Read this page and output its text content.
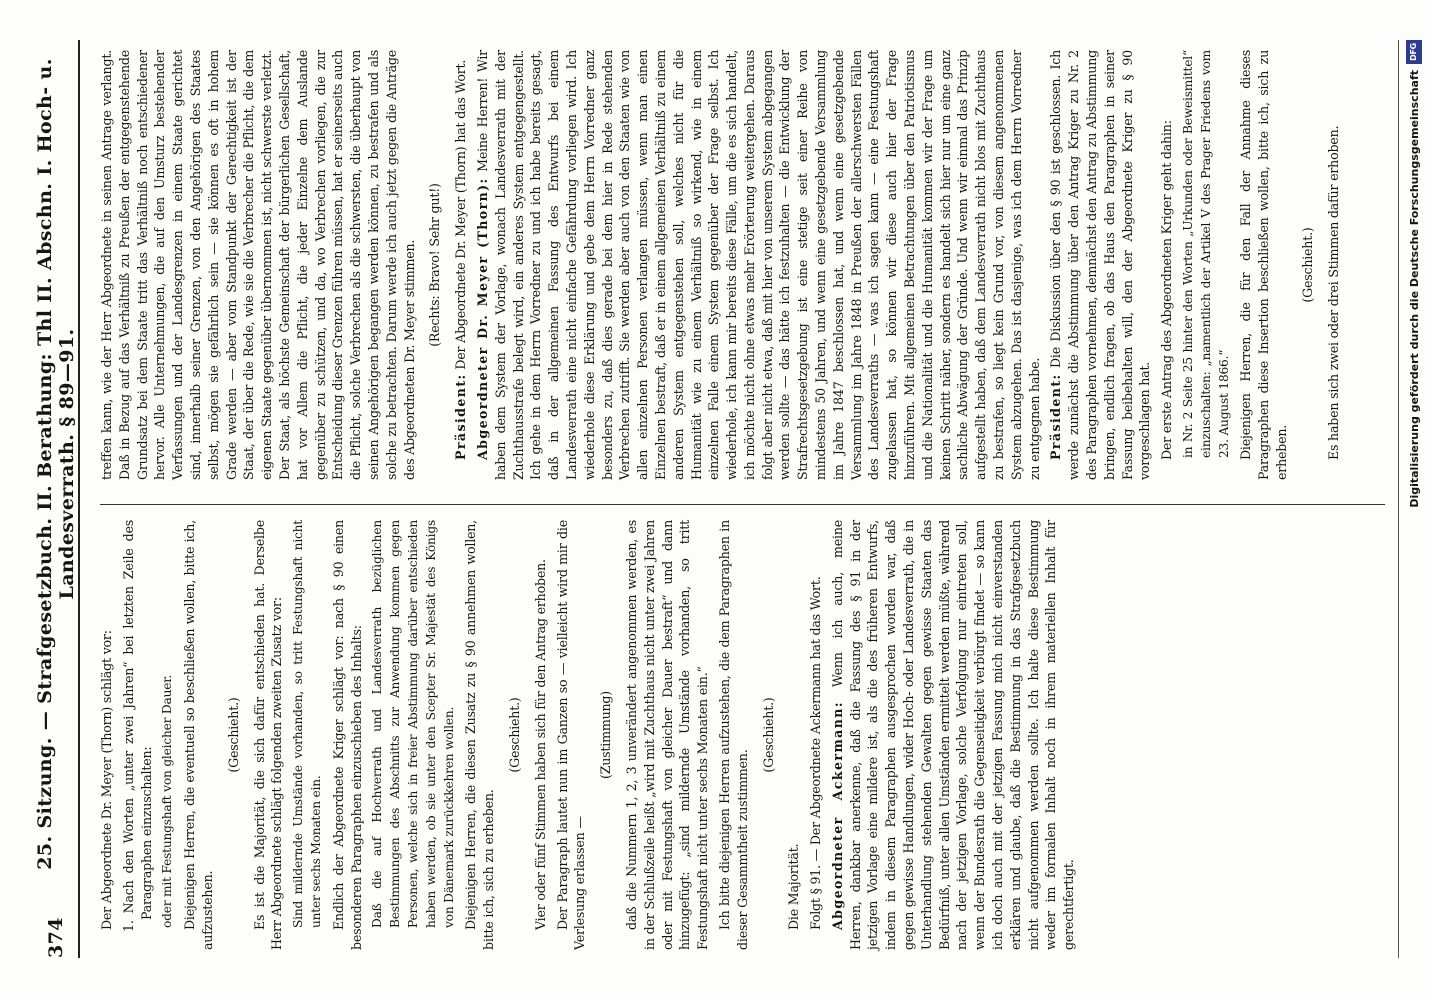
374
25. Sitzung. — Strafgesetzbuch. II. Berathung: Thl II. Abschn. I. Hoch- u. Landesverrath. § 89—91.

Der Abgeordnete Dr. Meyer (Thorn) schlägt vor: 1. Nach den Worten „unter zwei Jahren“ bei letzten Zeile des Paragraphen einzuschalten: oder mit Festungshaft von gleicher Dauer. Diejenigen Herren, die eventuell so beschließen wollen, bitte ich, aufzustehen.

(Geschieht.) Es ist die Majorität, die sich dafür entschieden hat. Derselbe Herr Abgeordnete schlägt folgenden zweiten Zusatz vor: Sind mildernde Umstände vorhanden, so tritt Festungshaft nicht unter sechs Monaten ein. Endlich der Abgeordnete Kriger schlägt vor: nach § 90 einen besonderen Paragraphen einzuschieben des Inhalts: Daß die auf Hochverrath und Landesverrath bezüglichen Bestimmungen des Abschnitts zur Anwendung kommen gegen Personen, welche sich in freier Abstimmung darüber entschieden haben werden, ob sie unter den Scepter Sr. Majestät des Königs von Dänemark zurückkehren wollen. Diejenigen Herren, die diesen Zusatz zu § 90 annehmen wollen, bitte ich, sich zu erheben.

(Geschieht.) Vier oder fünf Stimmen haben sich für den Antrag erhoben. Der Paragraph lautet nun im Ganzen so — vielleicht wird mir die Verlesung erlassen —

(Zustimmung) daß die Nummern 1, 2, 3 unverändert angenommen werden, es in der Schlußzeile heißt „wird mit Zuchthaus nicht unter zwei Jahren oder mit Festungshaft von gleicher Dauer bestraft“ und dann hinzugefügt: „sind mildernde Umstände vorhanden, so tritt Festungshaft nicht unter sechs Monaten ein.“ Ich bitte diejenigen Herren aufzustehen, die dem Paragraphen in dieser Gesammtheit zustimmen.

(Geschieht.)

Die Majorität. Folgt § 91. — Der Abgeordnete Ackermann hat das Wort. Abgeordneter Ackermann: Wenn ich auch, meine Herren, dankbar anerkenne, daß die Fassung des § 91 in der jetzigen Vorlage eine mildere ist, als die des früheren Entwurfs, indem in diesem Paragraphen ausgesprochen worden war, daß gegen gewisse Handlungen, wider Hoch- oder Landesverrath, die in Unterhandlung stehenden Gewalten gegen gewisse Staaten das Bedürfniß, unter allen Umständen ermittelt werden müßte, während nach der jetzigen Vorlage, solche Verfolgung nur eintreten soll, wenn der Bundesrath die Gegenseitigkeit verbürgt findet — so kann ich doch auch mit der jetzigen Fassung mich nicht einverstanden erklären und glaube, daß die Bestimmung in das Strafgesetzbuch nicht aufgenommen werden sollte. Ich halte diese Bestimmung weder im formalen Inhalt noch in ihrem materiellen Inhalt für gerechtfertigt.

treffen kann, wie der Herr Abgeordnete in seinen Antrage verlangt. Daß in Bezug auf das Verhältniß zu Preußen der entgegenstehende Grundsatz bei dem Staate tritt das Verhältniß noch entschiedener hervor. Alle Unternehmungen, die auf den Umsturz bestehender Verfassungen und der Landesgrenzen in einem Staate gerichtet sind, innerhalb seiner Grenzen, von den Angehörigen des Staates selbst, mögen sie gefährlich sein — sie können es oft in hohem Grade werden — aber vom Standpunkt der Gerechtigkeit ist der Staat, der über die Rede, wie sie die Verbrecher die Pflicht, die dem eigenen Staate gegenüber übernommen ist, nicht schwerste verletzt. Der Staat, als höchste Gemeinschaft der bürgerlichen Gesellschaft, hat vor Allem die Pflicht, die jeder Einzelne dem Auslande gegenüber zu schützen, und da, wo Verbrechen vorliegen, die zur Entscheidung dieser Grenzen führen müssen, hat er seinerseits auch die Pflicht, solche Verbrechen als die schwersten, die überhaupt von seinen Angehörigen begangen werden können, zu bestrafen und als solche zu betrachten. Darum werde ich auch jetzt gegen die Anträge des Abgeordneten Dr. Meyer stimmen. (Rechts: Bravo! Sehr gut!)

Präsident: Der Abgeordnete Dr. Meyer (Thorn) hat das Wort. Abgeordneter Dr. Meyer (Thorn): Meine Herren! Wir haben dem System der Vorlage, wonach Landesverrath mit der Zuchthausstrafe belegt wird, ein anderes System entgegengestellt. Ich gehe in dem Herrn Vorredner zu und ich habe bereits gesagt, daß in der allgemeinen Fassung des Entwurfs bei einem Landesverrath eine nicht einfache Gefährdung vorliegen wird. Ich wiederhole diese Erklärung und gebe dem Herrn Vorredner ganz besonders zu, daß dies gerade bei dem hier in Rede stehenden Verbrechen zutrifft. Sie werden aber auch von den Staaten wie von allen einzelnen Personen verlangen müssen, wenn man einen Einzelnen bestraft, daß er in einem allgemeinen Verhältniß zu einem anderen System entgegenstehen soll, welches nicht für die Humanität wie zu einem Verhältniß so wirkend, wie in einem einzelnen Falle einem System gegenüber der Frage selbst. Ich wiederhole, ich kann mir bereits diese Fälle, um die es sich handelt, ich möchte nicht ohne etwas mehr Erörterung weitergehen. Daraus folgt aber nicht etwa, daß mit hier von unserem System abgegangen werden sollte — das hätte ich festzuhalten — die Entwicklung der Strafrechtsgesetzgebung ist eine stetige seit einer Reihe von mindestens 50 Jahren, und wenn eine gesetzgebende Versammlung im Jahre 1847 beschlossen hat, und wenn eine gesetzgebende Versammlung im Jahre 1848 in Preußen der allerschwersten Fällen des Landesverraths — was ich sagen kann — eine Festungshaft zugelassen hat, so können wir diese auch hier der Frage hinzuführen. Mit allgemeinen Betrachtungen über den Patriotismus und die Nationalität und die Humanität kommen wir der Frage um keinen Schritt näher, sondern es handelt sich hier nur um eine ganz sachliche Abwägung der Gründe. Und wenn wir einmal das Prinzip aufgestellt haben, daß dem Landesverrath nicht blos mit Zuchthaus zu bestrafen, so liegt kein Grund vor, von diesem angenommenen System abzugehen. Das ist dasjenige, was ich dem Herrn Vorredner zu entgegnen habe. Präsident: Die Diskussion über den § 90 ist geschlossen. Ich werde zunächst die Abstimmung über den Antrag Kriger zu Nr. 2 des Paragraphen vornehmen, demnächst den Antrag zu Abstimmung bringen, endlich fragen, ob das Haus den Paragraphen in seiner Fassung beibehalten will, den der Abgeordnete Kriger zu § 90 vorgeschlagen hat. Der erste Antrag des Abgeordneten Kriger geht dahin: in Nr. 2 Seite 25 hinter den Worten „Urkunden oder Beweismittel“ einzuschalten: „namentlich der Artikel V des Prager Friedens vom 23. August 1866.“ Diejenigen Herren, die für den Fall der Annahme dieses Paragraphen diese Insertion beschließen wollen, bitte ich, sich zu erheben.

(Geschieht.) Es haben sich zwei oder drei Stimmen dafür erhoben.	Digitalisierung gefördert durch die Deutsche Forschungsgemeinschaft
DFG
